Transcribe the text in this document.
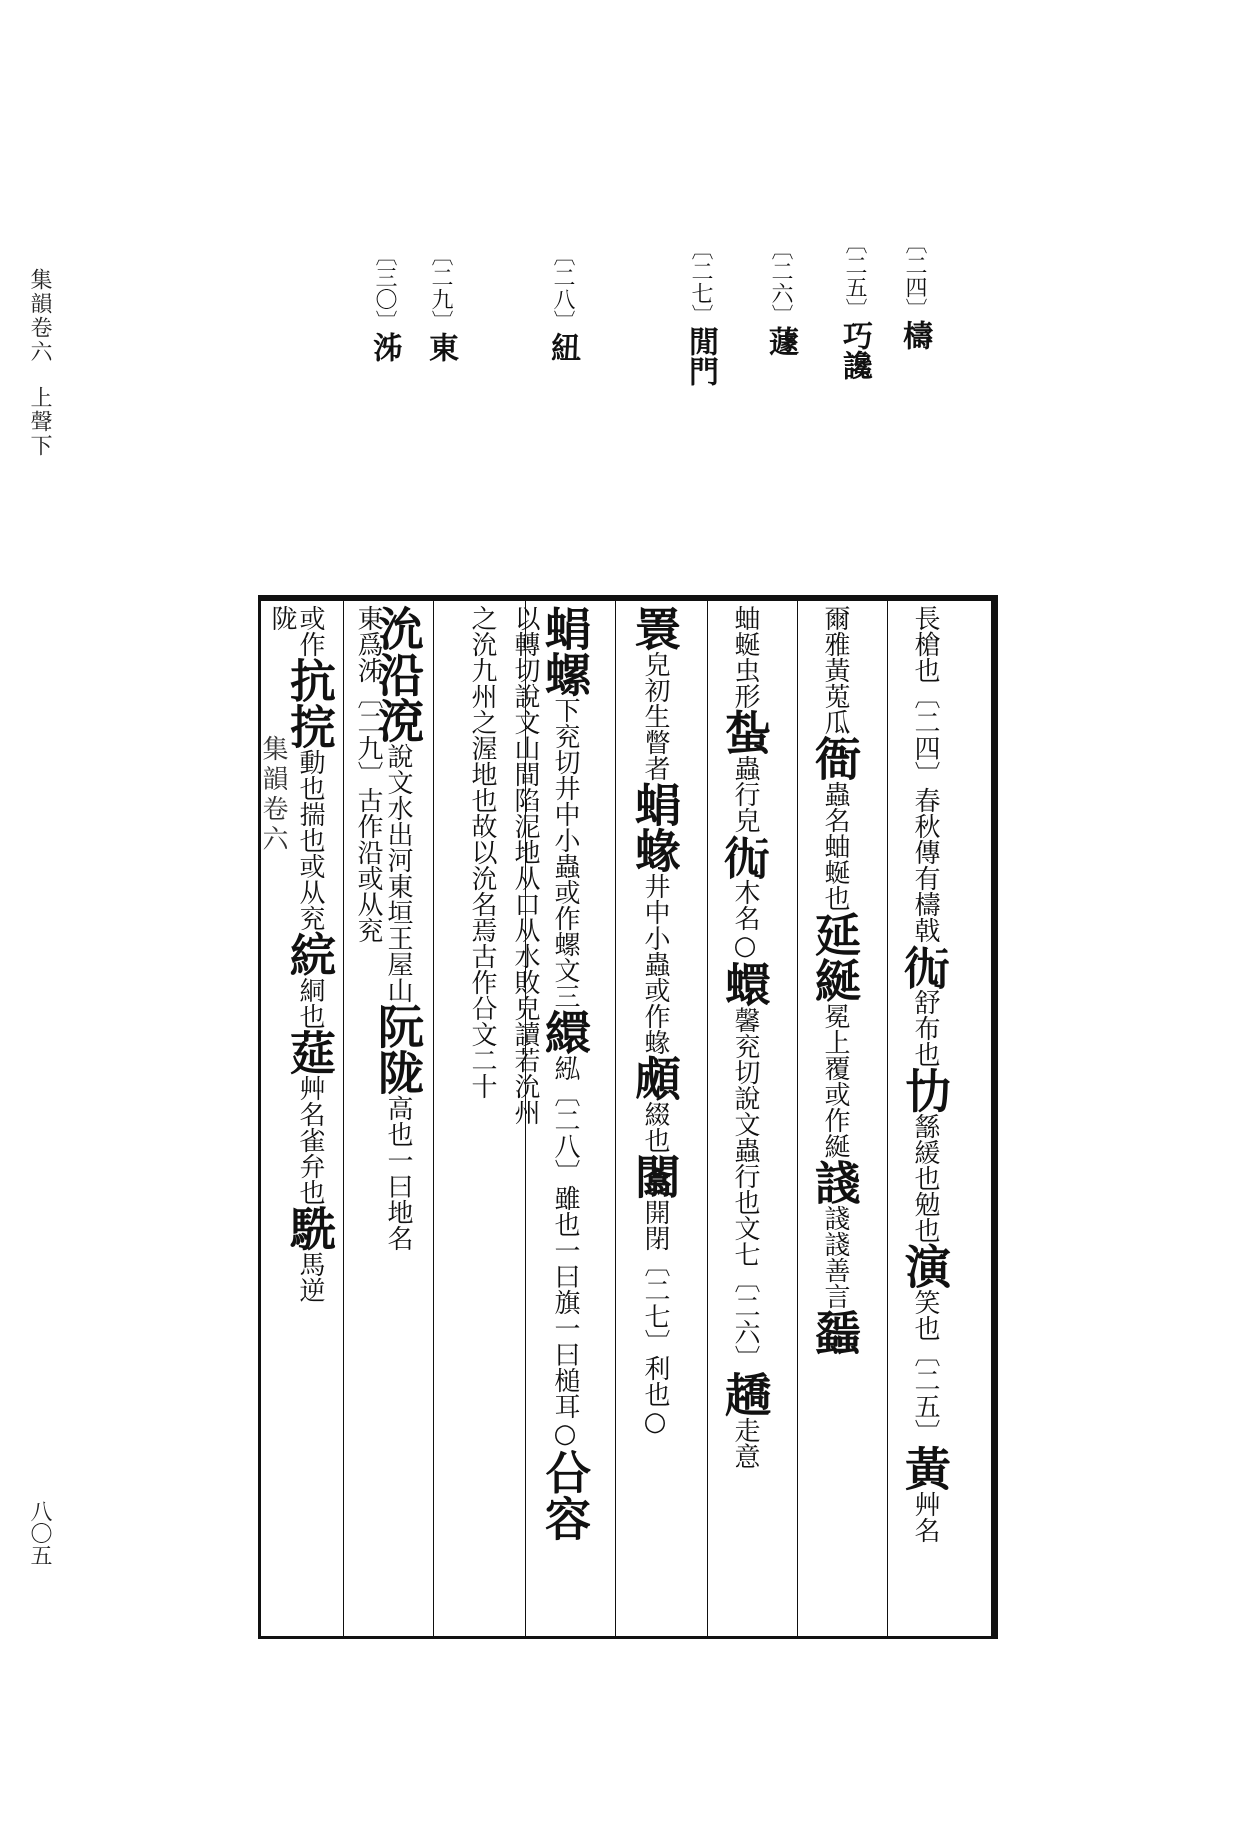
集韻卷六上聲下
八〇五
〔二四〕檮
〔二五〕巧讒
〔二六〕蘧
〔二七〕閒門
〔二八〕紐
〔二九〕東
〔三〇〕泲
集韻卷六
長槍也〔二四〕春秋傳有檮戟𧗝舒布也㔹䌛緩也勉也演笑也〔二五〕黃艸名
爾雅黃莵瓜衙蟲名蚰蜒也延綖冕上覆或作綖諓諓諓善言䗺
蚰蜒虫形蚻蟲行皃𧗝木名○蠉馨兖切說文蟲行也文七〔二六〕趫走意
瞏皃初生瞥者蜎蝝井中小蟲或作蝝䫆綴也闟開閉〔二七〕利也○
蜎螺下兖切井中小蟲或作螺文三繯紭〔二八〕雖也一曰旗一曰槌耳○㕣容
以轉切說文山間陷泥地从口从水敗皃讀若沇州
之沇九州之渥地也故以沇名焉古作㕣文二十
沇沿渷說文水出河東垣王屋山阮陇高也一曰地名
東爲泲〔二九〕古作沿或从兖
或作抗捖動也揣也或从兖綄絧也莚艸名雀弁也駪馬逆
陇
